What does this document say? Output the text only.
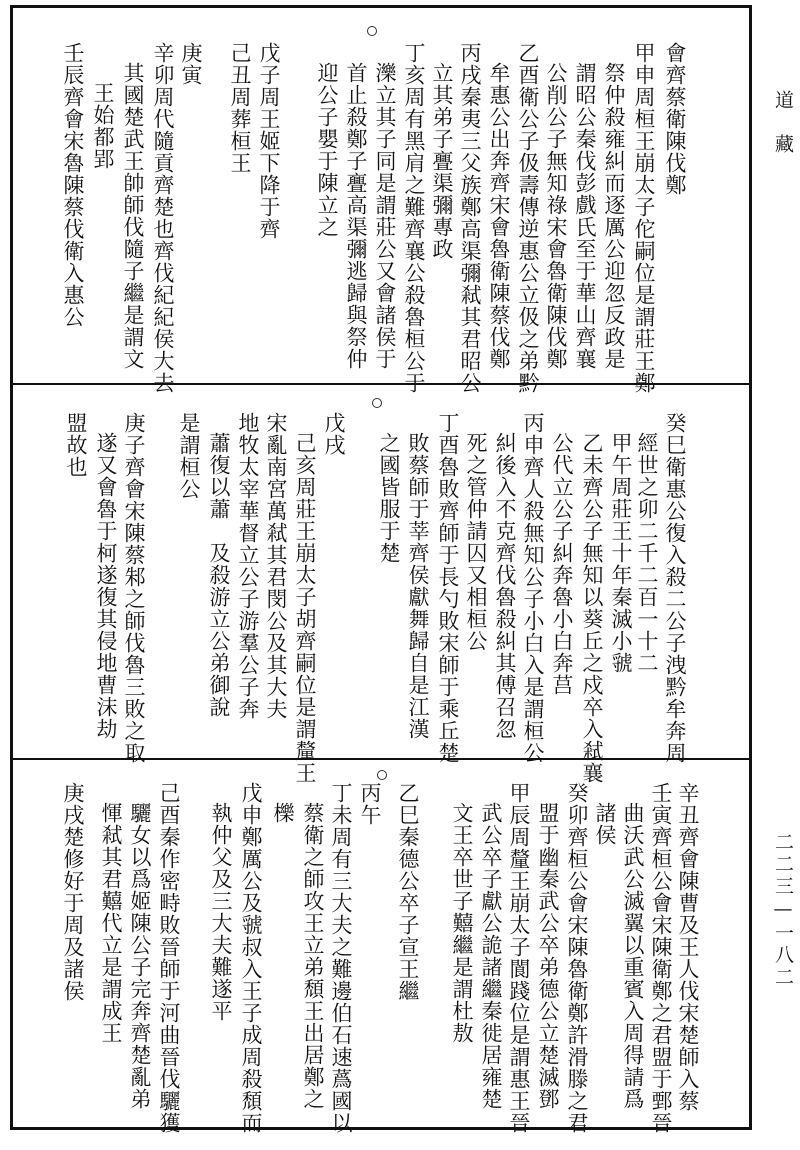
道　藏
二二三—一八二
會齊蔡衛陳伐鄭
甲申周桓王崩太子佗嗣位是謂莊王鄭
祭仲殺雍糾而逐厲公迎忽反政是
謂昭公秦伐彭戲氏至于華山齊襄
公削公子無知祿宋會魯衛陳伐鄭
乙酉衛公子伋壽傳逆惠公立伋之弟黔
牟惠公出奔齊宋會魯衛陳蔡伐鄭
丙戌秦夷三父族鄭高渠彌弒其君昭公
立其弟子亹渠彌專政
丁亥周有黑肩之難齊襄公殺魯桓公于
濼立其子同是謂莊公又會諸侯于
首止殺鄭子亹高渠彌逃歸與祭仲
迎公子嬰于陳立之
戊子周王姬下降于齊
己丑周葬桓王
庚寅
辛卯周代隨貢齊楚也齊伐紀紀侯大去
其國楚武王帥師伐隨子繼是謂文
王始都郢
壬辰齊會宋魯陳蔡伐衛入惠公
癸巳衛惠公復入殺二公子洩黔牟奔周
經世之卯二千二百一十二
甲午周莊王十年秦滅小虢
乙未齊公子無知以葵丘之戍卒入弒襄
公代立公子糾奔魯小白奔莒
丙申齊人殺無知公子小白入是謂桓公
糾後入不克齊伐魯殺糾其傅召忽
死之管仲請囚又相桓公
丁酉魯敗齊師于長勺敗宋師于乘丘楚
敗蔡師于莘齊侯獻舞歸自是江漢
之國皆服于楚
戊戌
己亥周莊王崩太子胡齊嗣位是謂釐王
宋亂南宮萬弒其君閔公及其大夫
地牧太宰華督立公子游羣公子奔
蕭復以蕭　及殺游立公弟御說
是謂桓公
庚子齊會宋陳蔡邾之師伐魯三敗之取
遂又會魯于柯遂復其侵地曹沫劫
盟故也
辛丑齊會陳曹及王人伐宋楚師入蔡
壬寅齊桓公會宋陳衛鄭之君盟于鄄晉
曲沃武公滅翼以重賓入周得請爲
諸侯
癸卯齊桓公會宋陳魯衛鄭許滑滕之君
盟于幽秦武公卒弟德公立楚滅鄧
甲辰周釐王崩太子閬踐位是謂惠王晉
武公卒子獻公詭諸繼秦徙居雍楚
文王卒世子囏繼是謂杜敖
乙巳秦德公卒子宣王繼
丙午
丁未周有三大夫之難邊伯石速蔿國以
蔡衛之師攻王立弟頹王出居鄭之
櫟
戊申鄭厲公及虢叔入王子成周殺頹而
執仲父及三大夫難遂平
己酉秦作密畤敗晉師于河曲晉伐驪獲
驪女以爲姬陳公子完奔齊楚亂弟
惲弒其君囏代立是謂成王
庚戌楚修好于周及諸侯
